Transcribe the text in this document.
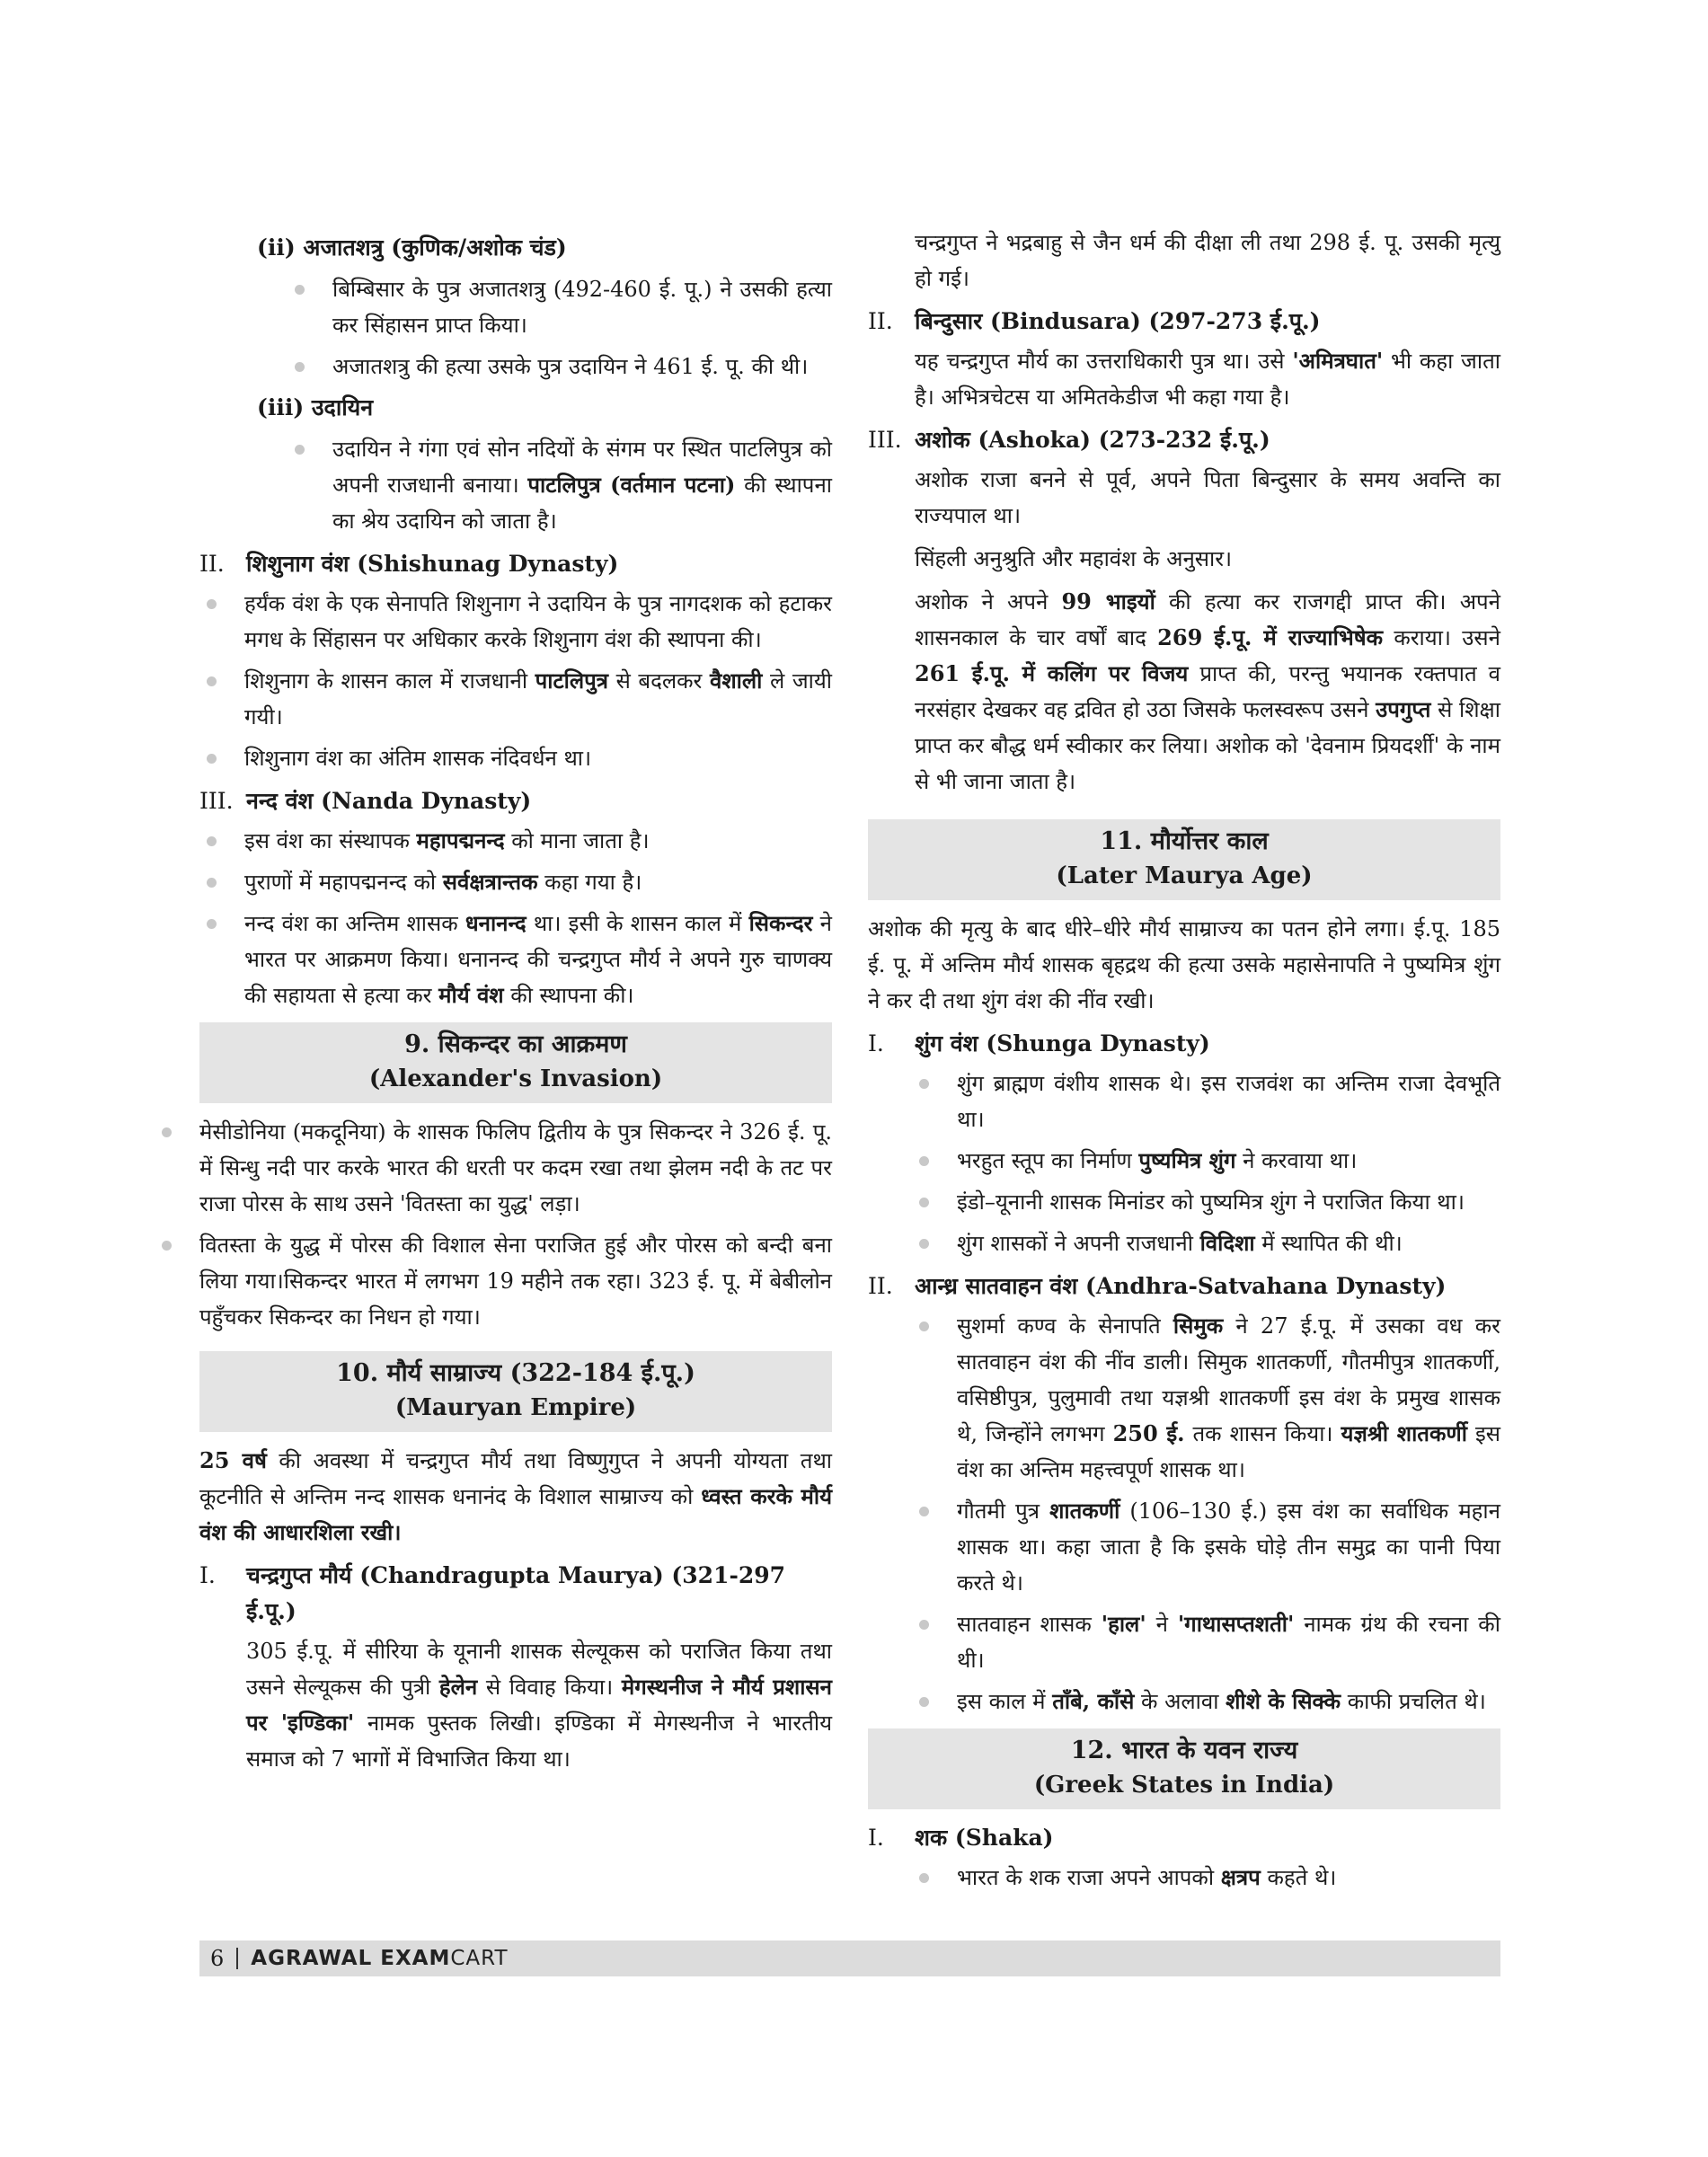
(ii) अजातशत्रु (कुणिक/अशोक चंड)
बिम्बिसार के पुत्र अजातशत्रु (492-460 ई. पू.) ने उसकी हत्या कर सिंहासन प्राप्त किया।
अजातशत्रु की हत्या उसके पुत्र उदायिन ने 461 ई. पू. की थी।
(iii) उदायिन
उदायिन ने गंगा एवं सोन नदियों के संगम पर स्थित पाटलिपुत्र को अपनी राजधानी बनाया। पाटलिपुत्र (वर्तमान पटना) की स्थापना का श्रेय उदायिन को जाता है।
II. शिशुनाग वंश (Shishunag Dynasty)
हर्यंक वंश के एक सेनापति शिशुनाग ने उदायिन के पुत्र नागदशक को हटाकर मगध के सिंहासन पर अधिकार करके शिशुनाग वंश की स्थापना की।
शिशुनाग के शासन काल में राजधानी पाटलिपुत्र से बदलकर वैशाली ले जायी गयी।
शिशुनाग वंश का अंतिम शासक नंदिवर्धन था।
III. नन्द वंश (Nanda Dynasty)
इस वंश का संस्थापक महापद्मनन्द को माना जाता है।
पुराणों में महापद्मनन्द को सर्वक्षत्रान्तक कहा गया है।
नन्द वंश का अन्तिम शासक धनानन्द था। इसी के शासन काल में सिकन्दर ने भारत पर आक्रमण किया। धनानन्द की चन्द्रगुप्त मौर्य ने अपने गुरु चाणक्य की सहायता से हत्या कर मौर्य वंश की स्थापना की।
9. सिकन्दर का आक्रमण
(Alexander's Invasion)
मेसीडोनिया (मकदूनिया) के शासक फिलिप द्वितीय के पुत्र सिकन्दर ने 326 ई. पू. में सिन्धु नदी पार करके भारत की धरती पर कदम रखा तथा झेलम नदी के तट पर राजा पोरस के साथ उसने 'वितस्ता का युद्ध' लड़ा।
वितस्ता के युद्ध में पोरस की विशाल सेना पराजित हुई और पोरस को बन्दी बना लिया गया।सिकन्दर भारत में लगभग 19 महीने तक रहा। 323 ई. पू. में बेबीलोन पहुँचकर सिकन्दर का निधन हो गया।
10. मौर्य साम्राज्य (322-184 ई.पू.)
(Mauryan Empire)

25 वर्ष की अवस्था में चन्द्रगुप्त मौर्य तथा विष्णुगुप्त ने अपनी योग्यता तथा कूटनीति से अन्तिम नन्द शासक धनानंद के विशाल साम्राज्य को ध्वस्त करके मौर्य वंश की आधारशिला रखी।

I.	चन्द्रगुप्त मौर्य (Chandragupta Maurya) (321-297 ई.पू.)

305 ई.पू. में सीरिया के यूनानी शासक सेल्यूकस को पराजित किया तथा उसने सेल्यूकस की पुत्री हेलेन से विवाह किया। मेगस्थनीज ने मौर्य प्रशासन पर 'इण्डिका' नामक पुस्तक लिखी। इण्डिका में मेगस्थनीज ने भारतीय समाज को 7 भागों में विभाजित किया था।

चन्द्रगुप्त ने भद्रबाहु से जैन धर्म की दीक्षा ली तथा 298 ई. पू. उसकी मृत्यु हो गई।

II. बिन्दुसार (Bindusara) (297-273 ई.पू.)

यह चन्द्रगुप्त मौर्य का उत्तराधिकारी पुत्र था। उसे 'अमित्रघात' भी कहा जाता है। अभित्रचेटस या अमितकेडीज भी कहा गया है।

III. अशोक (Ashoka) (273-232 ई.पू.)

अशोक राजा बनने से पूर्व, अपने पिता बिन्दुसार के समय अवन्ति का राज्यपाल था।

सिंहली अनुश्रुति और महावंश के अनुसार।

अशोक ने अपने 99 भाइयों की हत्या कर राजगद्दी प्राप्त की। अपने शासनकाल के चार वर्षों बाद 269 ई.पू. में राज्याभिषेक कराया। उसने 261 ई.पू. में कलिंग पर विजय प्राप्त की, परन्तु भयानक रक्तपात व नरसंहार देखकर वह द्रवित हो उठा जिसके फलस्वरूप उसने उपगुप्त से शिक्षा प्राप्त कर बौद्ध धर्म स्वीकार कर लिया। अशोक को 'देवनाम प्रियदर्शी' के नाम से भी जाना जाता है।

11. मौर्योत्तर काल
(Later Maurya Age)

अशोक की मृत्यु के बाद धीरे–धीरे मौर्य साम्राज्य का पतन होने लगा। ई.पू. 185 ई. पू. में अन्तिम मौर्य शासक बृहद्रथ की हत्या उसके महासेनापति ने पुष्यमित्र शुंग ने कर दी तथा शुंग वंश की नींव रखी।

I.	शुंग वंश (Shunga Dynasty)
शुंग ब्राह्मण वंशीय शासक थे। इस राजवंश का अन्तिम राजा देवभूति था।
भरहुत स्तूप का निर्माण पुष्यमित्र शुंग ने करवाया था।
इंडो–यूनानी शासक मिनांडर को पुष्यमित्र शुंग ने पराजित किया था।
शुंग शासकों ने अपनी राजधानी विदिशा में स्थापित की थी।
II. आन्ध्र सातवाहन वंश (Andhra-Satvahana Dynasty)
सुशर्मा कण्व के सेनापति सिमुक ने 27 ई.पू. में उसका वध कर सातवाहन वंश की नींव डाली। सिमुक शातकर्णी, गौतमीपुत्र शातकर्णी, वसिष्ठीपुत्र, पुलुमावी तथा यज्ञश्री शातकर्णी इस वंश के प्रमुख शासक थे, जिन्होंने लगभग 250 ई. तक शासन किया। यज्ञश्री शातकर्णी इस वंश का अन्तिम महत्त्वपूर्ण शासक था।
गौतमी पुत्र शातकर्णी (106–130 ई.) इस वंश का सर्वाधिक महान शासक था। कहा जाता है कि इसके घोड़े तीन समुद्र का पानी पिया करते थे।
सातवाहन शासक 'हाल' ने 'गाथासप्तशती' नामक ग्रंथ की रचना की थी।
इस काल में ताँबे, काँसे के अलावा शीशे के सिक्के काफी प्रचलित थे।
12. भारत के यवन राज्य
(Greek States in India)
I.	शक (Shaka)
भारत के शक राजा अपने आपको क्षत्रप कहते थे।
6 AGRAWAL EXAMCART
